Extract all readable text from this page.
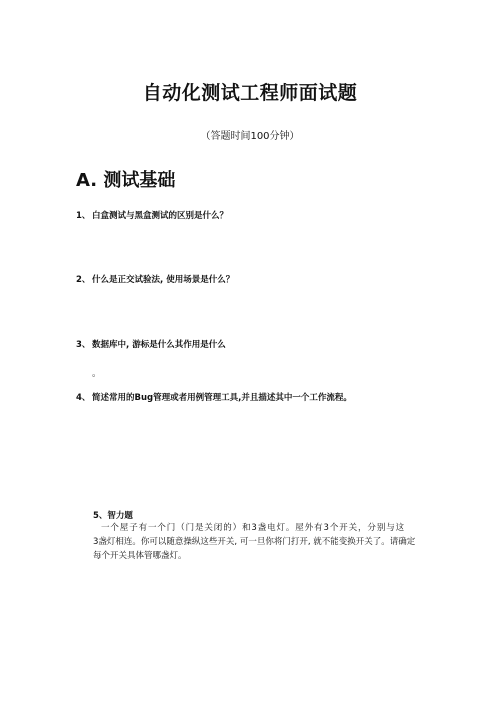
自动化测试工程师面试题
（答题时间100分钟）
A. 测试基础
1、 白盒测试与黑盒测试的区别是什么？
2、 什么是正交试验法, 使用场景是什么？
3、 数据库中, 游标是什么其作用是什么
。
4、 简述常用的Bug管理或者用例管理工具,并且描述其中一个工作流程。
5、智力题
一个屋子有一个门（门是关闭的）和3盏电灯。屋外有3个开关，分别与这
3盏灯相连。你可以随意操纵这些开关, 可一旦你将门打开, 就不能变换开关了。请确定
每个开关具体管哪盏灯。
